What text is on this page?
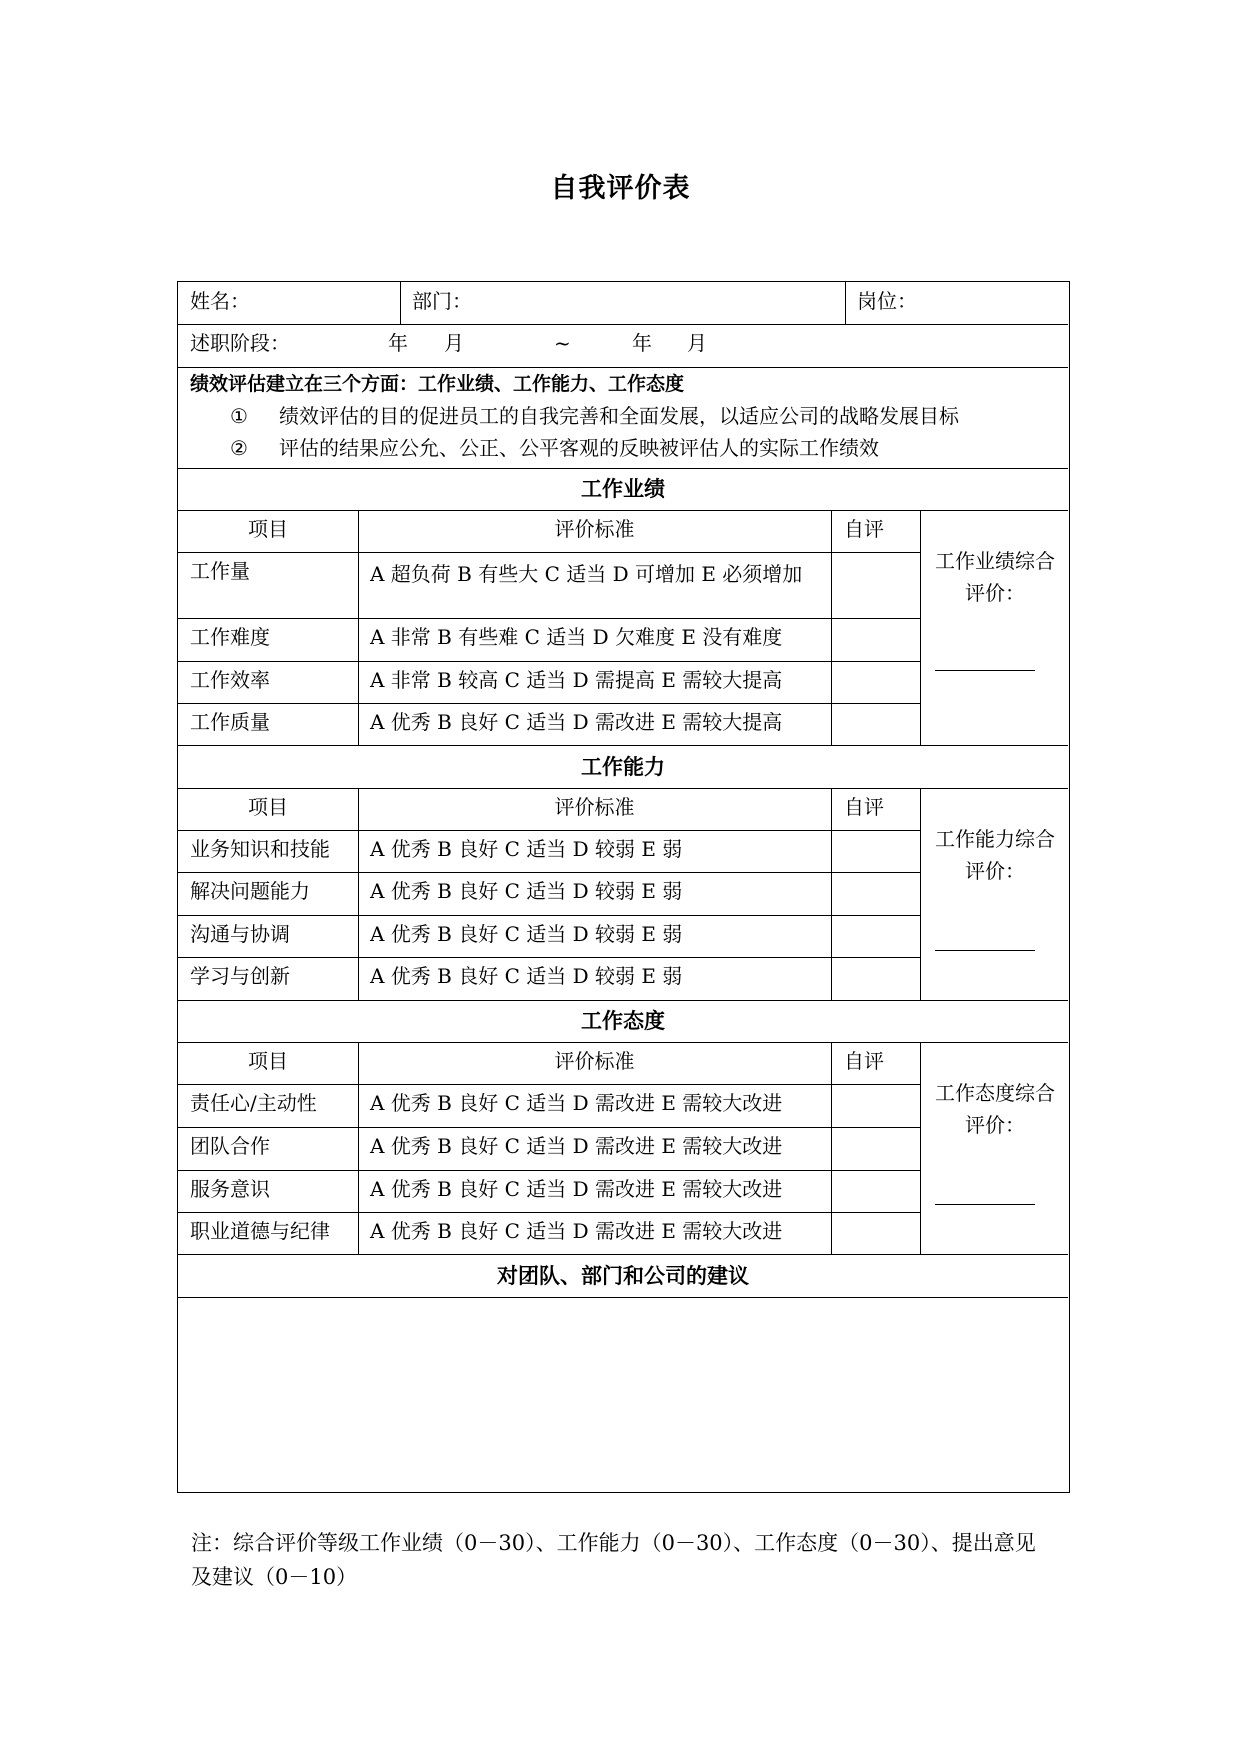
自我评价表
姓名：	部门：	岗位：
述职阶段：	年 月	~	年 月
绩效评估建立在三个方面：工作业绩、工作能力、工作态度
① 绩效评估的目的促进员工的自我完善和全面发展，以适应公司的战略发展目标
② 评估的结果应公允、公正、公平客观的反映被评估人的实际工作绩效
工作业绩
项目	评价标准	自评
工作量	A 超负荷 B 有些大 C 适当 D 可增加 E 必须增加
工作难度	A 非常 B 有些难 C 适当 D 欠难度 E 没有难度
工作效率	A 非常 B 较高 C 适当 D 需提高 E 需较大提高
工作质量	A 优秀 B 良好 C 适当 D 需改进 E 需较大提高
工作业绩综合评价：
工作能力
项目	评价标准	自评
业务知识和技能 A 优秀 B 良好 C 适当 D 较弱 E 弱
解决问题能力	A 优秀 B 良好 C 适当 D 较弱 E 弱
沟通与协调	A 优秀 B 良好 C 适当 D 较弱 E 弱
学习与创新	A 优秀 B 良好 C 适当 D 较弱 E 弱
工作能力综合评价：
工作态度
项目	评价标准	自评
责任心/主动性	A 优秀 B 良好 C 适当 D 需改进 E 需较大改进
团队合作	A 优秀 B 良好 C 适当 D 需改进 E 需较大改进
服务意识	A 优秀 B 良好 C 适当 D 需改进 E 需较大改进
职业道德与纪律 A 优秀 B 良好 C 适当 D 需改进 E 需较大改进
工作态度综合评价：
对团队、部门和公司的建议
注：综合评价等级工作业绩（0－30）、工作能力（0－30）、工作态度（0－30）、提出意见及建议（0－10）
